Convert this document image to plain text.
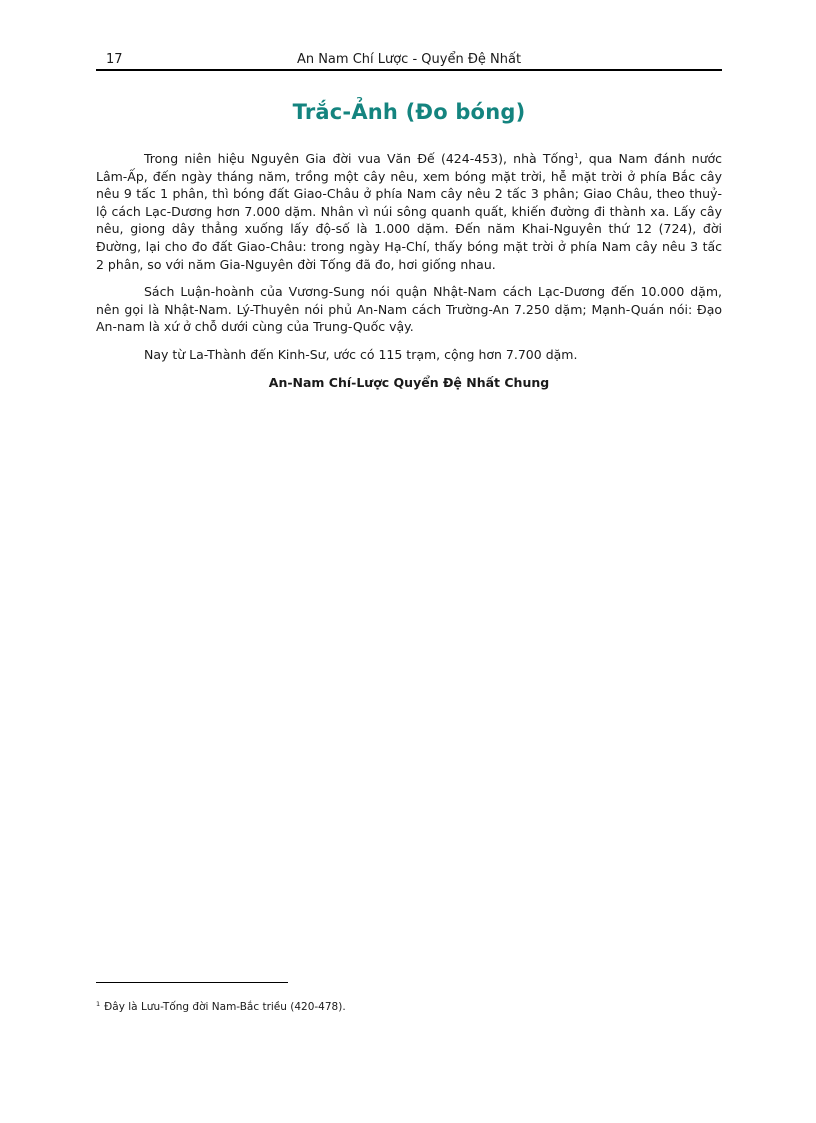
17	An Nam Chí Lược - Quyển Đệ Nhất
Trắc-Ảnh (Đo bóng)

Trong niên hiệu Nguyên Gia đời vua Văn Đế (424-453), nhà Tống$^1$, qua Nam đánh nước Lâm-Ấp, đến ngày tháng năm, trồng một cây nêu, xem bóng mặt trời, hễ mặt trời ở phía Bắc cây nêu 9 tấc 1 phân, thì bóng đất Giao-Châu ở phía Nam cây nêu 2 tấc 3 phân; Giao Châu, theo thuỷ-lộ cách Lạc-Dương hơn 7.000 dặm. Nhân vì núi sông quanh quất, khiến đường đi thành xa. Lấy cây nêu, giong dây thẳng xuống lấy độ-số là 1.000 dặm. Đến năm Khai-Nguyên thứ 12 (724), đời Đường, lại cho đo đất Giao-Châu: trong ngày Hạ-Chí, thấy bóng mặt trời ở phía Nam cây nêu 3 tấc 2 phân, so với năm Gia-Nguyên đời Tống đã đo, hơi giống nhau.

Sách Luận-hoành của Vương-Sung nói quận Nhật-Nam cách Lạc-Dương đến 10.000 dặm, nên gọi là Nhật-Nam. Lý-Thuyên nói phủ An-Nam cách Trường-An 7.250 dặm; Mạnh-Quán nói: Đạo An-nam là xứ ở chỗ dưới cùng của Trung-Quốc vậy.

Nay từ La-Thành đến Kinh-Sư, ước có 115 trạm, cộng hơn 7.700 dặm.

An-Nam Chí-Lược Quyển Đệ Nhất Chung
$^1$ Đây là Lưu-Tống đời Nam-Bắc triều (420-478).
